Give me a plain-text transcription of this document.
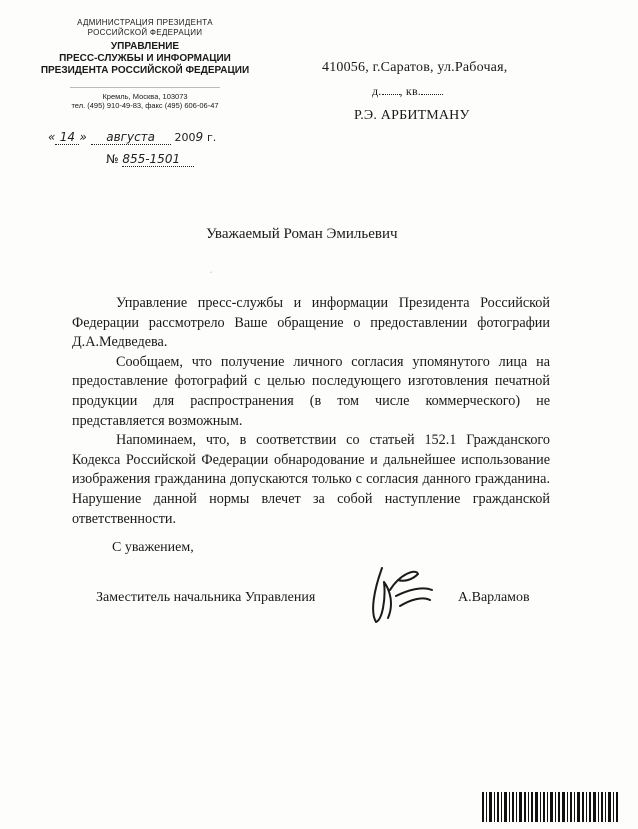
АДМИНИСТРАЦИЯ ПРЕЗИДЕНТА
РОССИЙСКОЙ ФЕДЕРАЦИИ
УПРАВЛЕНИЕ
ПРЕСС-СЛУЖБЫ И ИНФОРМАЦИИ
ПРЕЗИДЕНТА РОССИЙСКОЙ ФЕДЕРАЦИИ
Кремль, Москва, 103073
тел. (495) 910-49-83, факс (495) 606-06-47
« 14 » августа 2009 г.
№ 855-1501
410056, г.Саратов, ул.Рабочая,
д. , кв.
Р.Э. АРБИТМАНУ
Уважаемый Роман Эмильевич

Управление пресс-службы и информации Президента Российской Федерации рассмотрело Ваше обращение о предоставлении фотографии Д.А.Медведева.

Сообщаем, что получение личного согласия упомянутого лица на предоставление фотографий с целью последующего изготовления печатной продукции для распространения (в том числе коммерческого) не представляется возможным.

Напоминаем, что, в соответствии со статьей 152.1 Гражданского Кодекса Российской Федерации обнародование и дальнейшее использование изображения гражданина допускаются только с согласия данного гражданина. Нарушение данной нормы влечет за собой наступление гражданской ответственности.

С уважением,
Заместитель начальника Управления	А.Варламов
·
